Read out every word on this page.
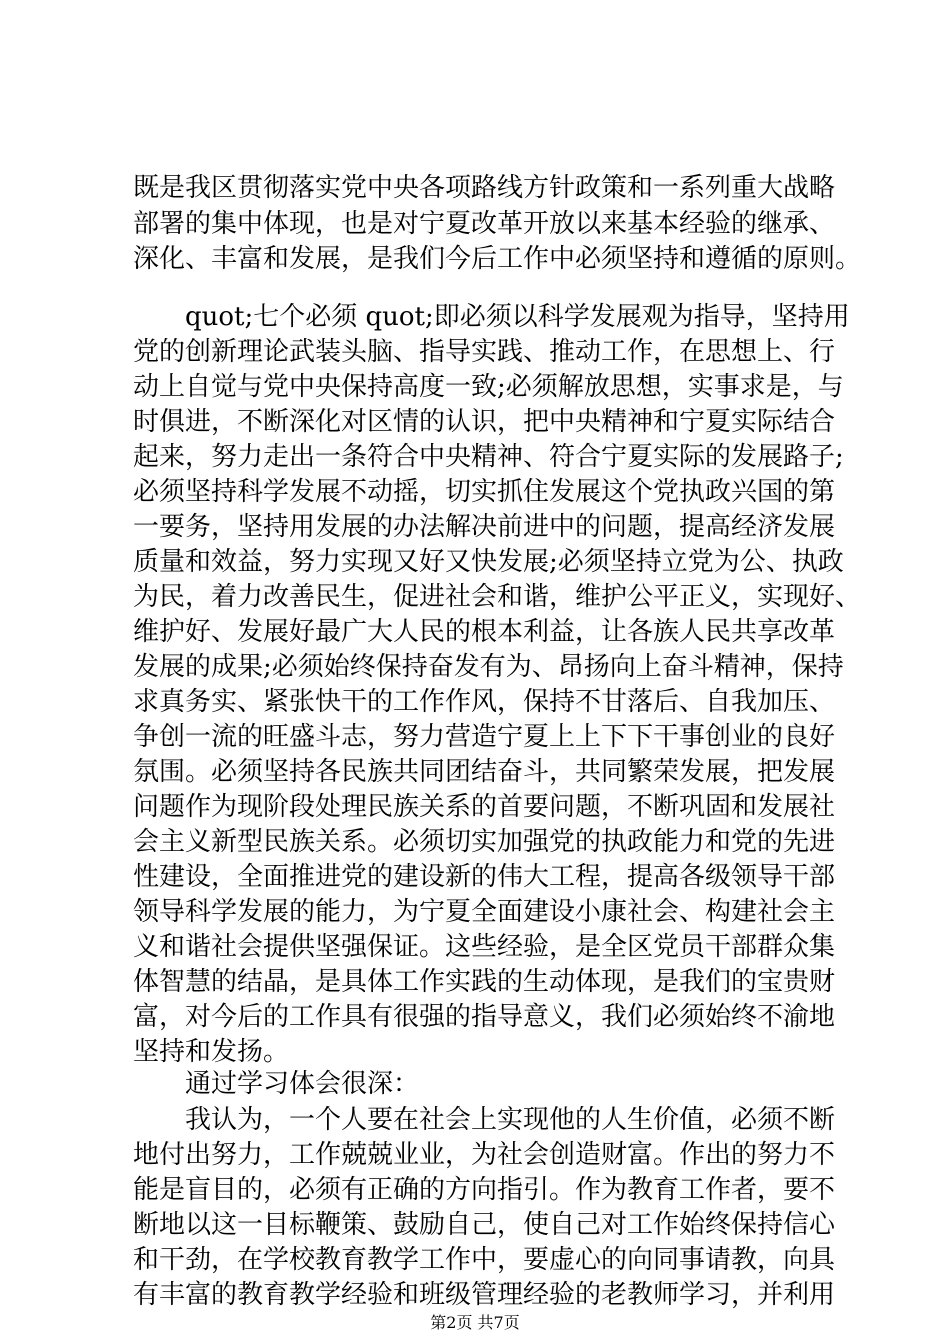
既是我区贯彻落实党中央各项路线方针政策和一系列重大战略
部署的集中体现，也是对宁夏改革开放以来基本经验的继承、
深化、丰富和发展，是我们今后工作中必须坚持和遵循的原则。
　　quot;七个必须 quot;即必须以科学发展观为指导，坚持用
党的创新理论武装头脑、指导实践、推动工作，在思想上、行
动上自觉与党中央保持高度一致;必须解放思想，实事求是，与
时俱进，不断深化对区情的认识，把中央精神和宁夏实际结合
起来，努力走出一条符合中央精神、符合宁夏实际的发展路子;
必须坚持科学发展不动摇，切实抓住发展这个党执政兴国的第
一要务，坚持用发展的办法解决前进中的问题，提高经济发展
质量和效益，努力实现又好又快发展;必须坚持立党为公、执政
为民，着力改善民生，促进社会和谐，维护公平正义，实现好、
维护好、发展好最广大人民的根本利益，让各族人民共享改革
发展的成果;必须始终保持奋发有为、昂扬向上奋斗精神，保持
求真务实、紧张快干的工作作风，保持不甘落后、自我加压、
争创一流的旺盛斗志，努力营造宁夏上上下下干事创业的良好
氛围。必须坚持各民族共同团结奋斗，共同繁荣发展，把发展
问题作为现阶段处理民族关系的首要问题，不断巩固和发展社
会主义新型民族关系。必须切实加强党的执政能力和党的先进
性建设，全面推进党的建设新的伟大工程，提高各级领导干部
领导科学发展的能力，为宁夏全面建设小康社会、构建社会主
义和谐社会提供坚强保证。这些经验，是全区党员干部群众集
体智慧的结晶，是具体工作实践的生动体现，是我们的宝贵财
富，对今后的工作具有很强的指导意义，我们必须始终不渝地
坚持和发扬。
　　通过学习体会很深：
　　我认为，一个人要在社会上实现他的人生价值，必须不断
地付出努力，工作兢兢业业，为社会创造财富。作出的努力不
能是盲目的，必须有正确的方向指引。作为教育工作者，要不
断地以这一目标鞭策、鼓励自己，使自己对工作始终保持信心
和干劲，在学校教育教学工作中，要虚心的向同事请教，向具
有丰富的教育教学经验和班级管理经验的老教师学习，并利用
第2页 共7页
